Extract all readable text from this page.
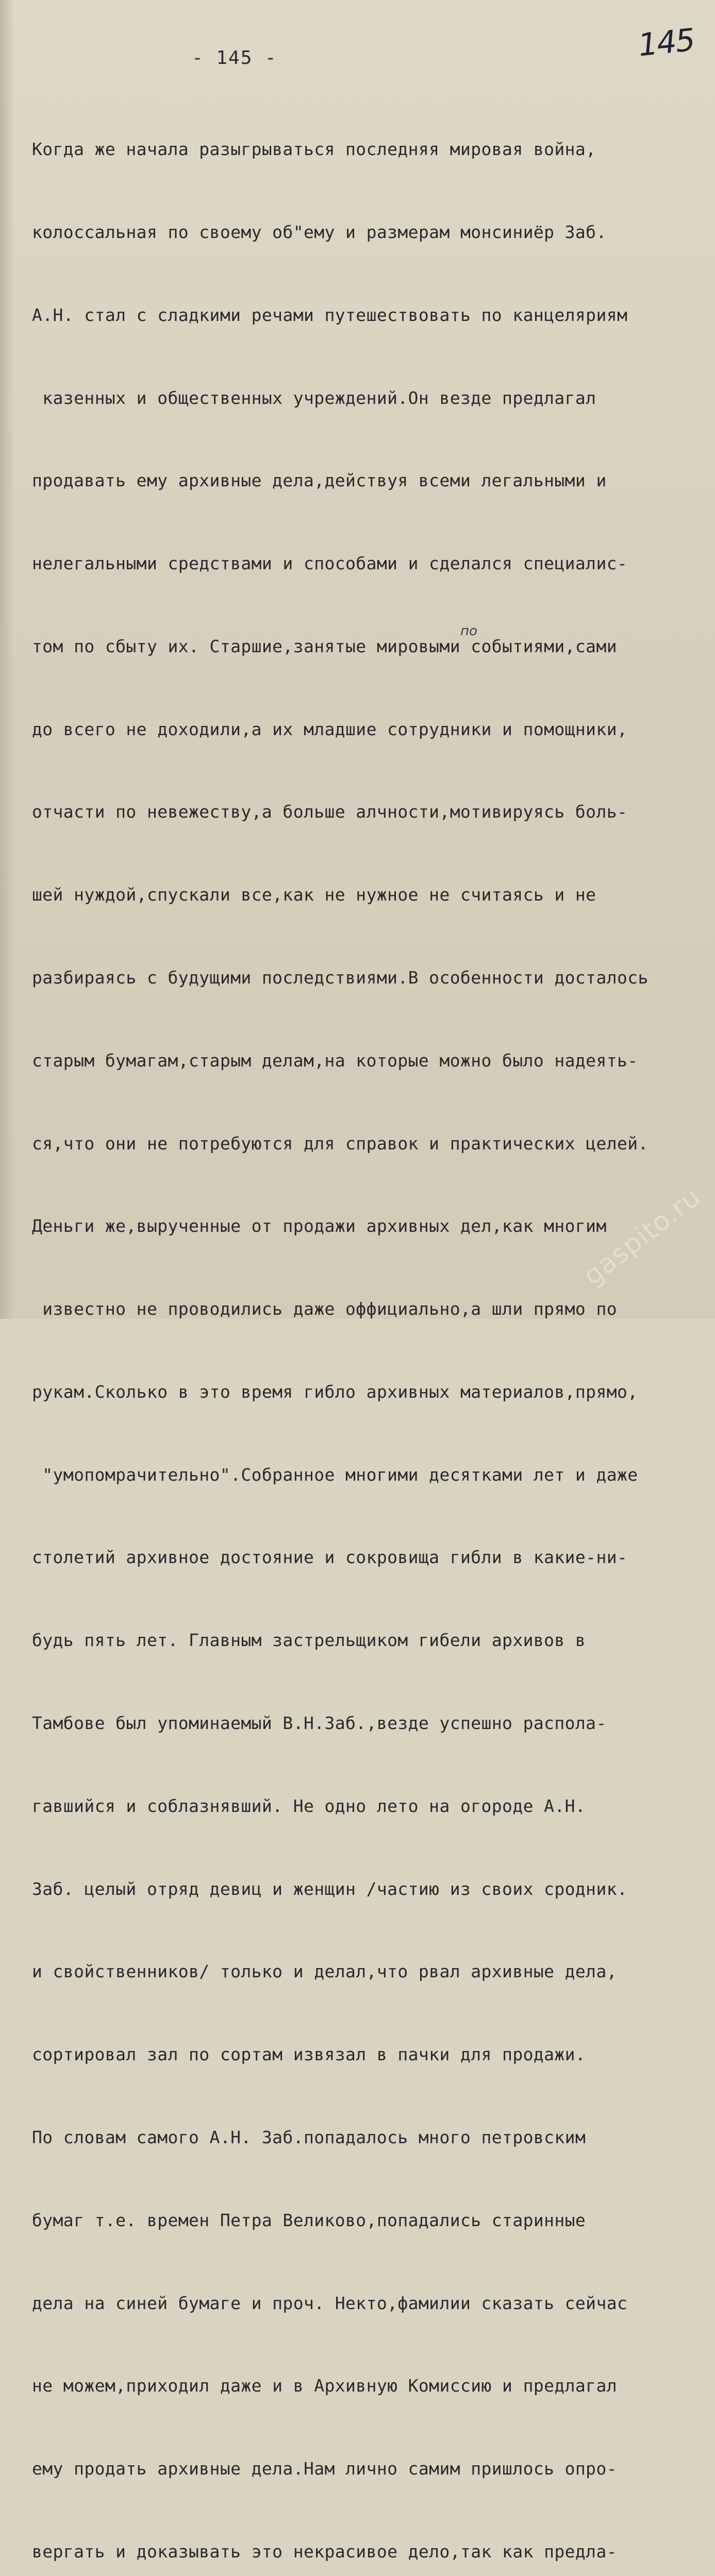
- 145 -	145

Когда же начала разыгрываться последняя мировая война,

колоссальная по своему об"ему и размерам монсиниёр Заб.

А.Н. стал с сладкими речами путешествовать по канцеляриям

казенных и общественных учреждений.Он везде предлагал

продавать ему архивные дела,действуя всеми легальными и

нелегальными средствами и способами и сделался специалис-

том по сбыту их. Старшие,занятые мировыми событиями,сами

до всего не доходили,а их младшие сотрудники и помощники,

отчасти по невежеству,а больше алчности,мотивируясь боль-

шей нуждой,спускали все,как не нужное не считаясь и не

разбираясь с будущими последствиями.В особенности досталось

старым бумагам,старым делам,на которые можно было надеять-

ся,что они не потребуются для справок и практических целей.

Деньги же,вырученные от продажи архивных дел,как многим

известно не проводились даже оффициально,а шли прямо по

рукам.Сколько в это время гибло архивных материалов,прямо,

"умопомрачительно".Собранное многими десятками лет и даже

столетий архивное достояние и сокровища гибли в какие-ни-

будь пять лет. Главным застрельщиком гибели архивов в

Тамбове был упоминаемый В.Н.Заб.,везде успешно распола-

гавшийся и соблазнявший. Не одно лето на огороде А.Н.

Заб. целый отряд девиц и женщин /частию из своих сродник.

и свойственников/ только и делал,что рвал архивные дела,

сортировал зал по сортам извязал в пачки для продажи.

По словам самого А.Н. Заб.попадалось много петровским

бумаг т.е. времен Петра Великово,попадались старинные

дела на синей бумаге и проч. Некто,фамилии сказать сейчас

не можем,приходил даже и в Архивную Комиссию и предлагал

ему продать архивные дела.Нам лично самим пришлось опро-

вергать и доказывать это некрасивое дело,так как предла-

по
gaspito.ru
